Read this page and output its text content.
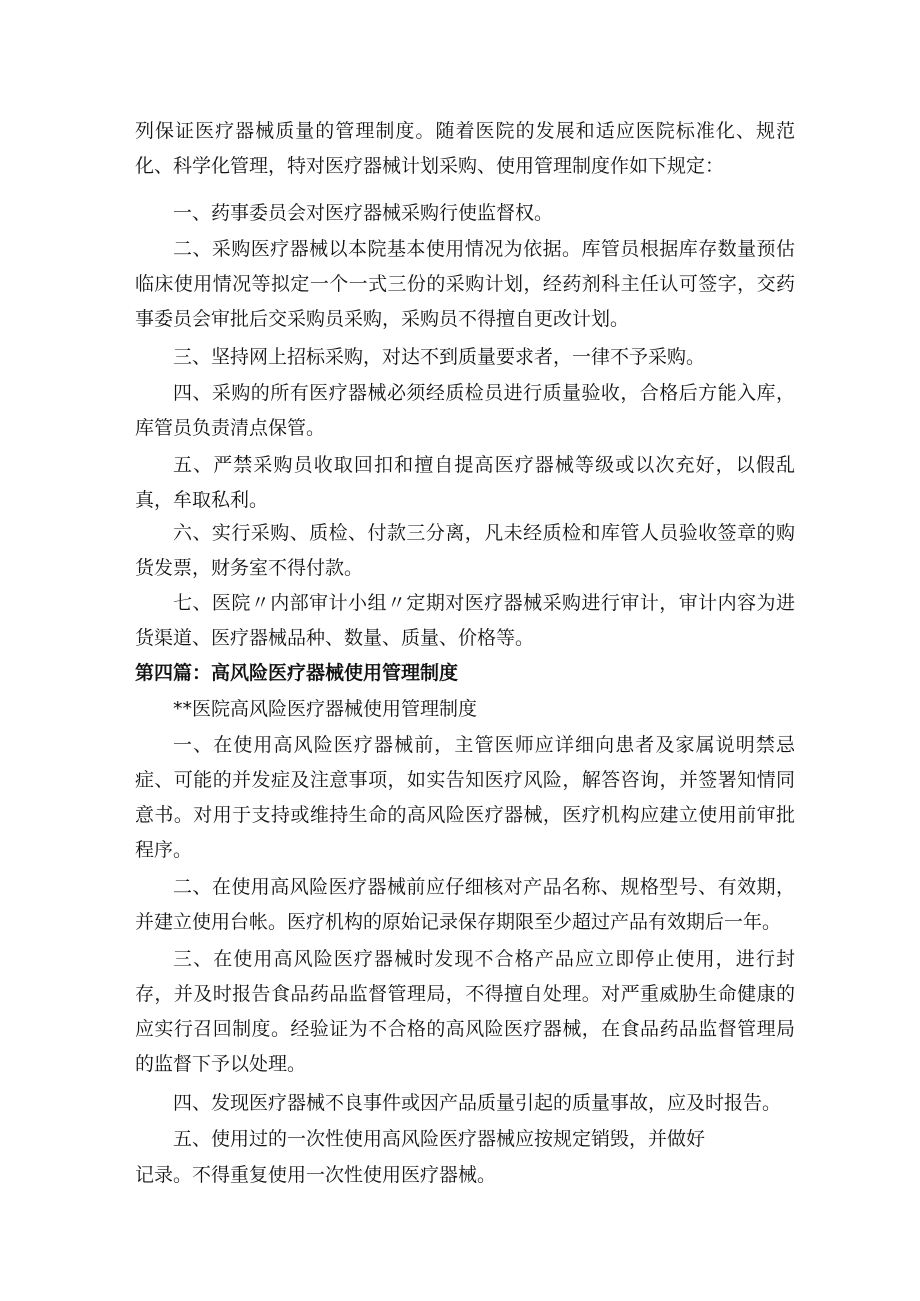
列保证医疗器械质量的管理制度。随着医院的发展和适应医院标准化、规范化、科学化管理，特对医疗器械计划采购、使用管理制度作如下规定：

一、药事委员会对医疗器械采购行使监督权。

二、采购医疗器械以本院基本使用情况为依据。库管员根据库存数量预估临床使用情况等拟定一个一式三份的采购计划，经药剂科主任认可签字，交药事委员会审批后交采购员采购，采购员不得擅自更改计划。

三、坚持网上招标采购，对达不到质量要求者，一律不予采购。

四、采购的所有医疗器械必须经质检员进行质量验收，合格后方能入库，库管员负责清点保管。

五、严禁采购员收取回扣和擅自提高医疗器械等级或以次充好，以假乱真，牟取私利。

六、实行采购、质检、付款三分离，凡未经质检和库管人员验收签章的购货发票，财务室不得付款。

七、医院〃内部审计小组〃定期对医疗器械采购进行审计，审计内容为进货渠道、医疗器械品种、数量、质量、价格等。

第四篇：高风险医疗器械使用管理制度

**医院高风险医疗器械使用管理制度

一、在使用高风险医疗器械前，主管医师应详细向患者及家属说明禁忌症、可能的并发症及注意事项，如实告知医疗风险，解答咨询，并签署知情同意书。对用于支持或维持生命的高风险医疗器械，医疗机构应建立使用前审批程序。

二、在使用高风险医疗器械前应仔细核对产品名称、规格型号、有效期，并建立使用台帐。医疗机构的原始记录保存期限至少超过产品有效期后一年。

三、在使用高风险医疗器械时发现不合格产品应立即停止使用，进行封存，并及时报告食品药品监督管理局，不得擅自处理。对严重威胁生命健康的应实行召回制度。经验证为不合格的高风险医疗器械，在食品药品监督管理局的监督下予以处理。

四、发现医疗器械不良事件或因产品质量引起的质量事故，应及时报告。

五、使用过的一次性使用高风险医疗器械应按规定销毁，并做好

记录。不得重复使用一次性使用医疗器械。
